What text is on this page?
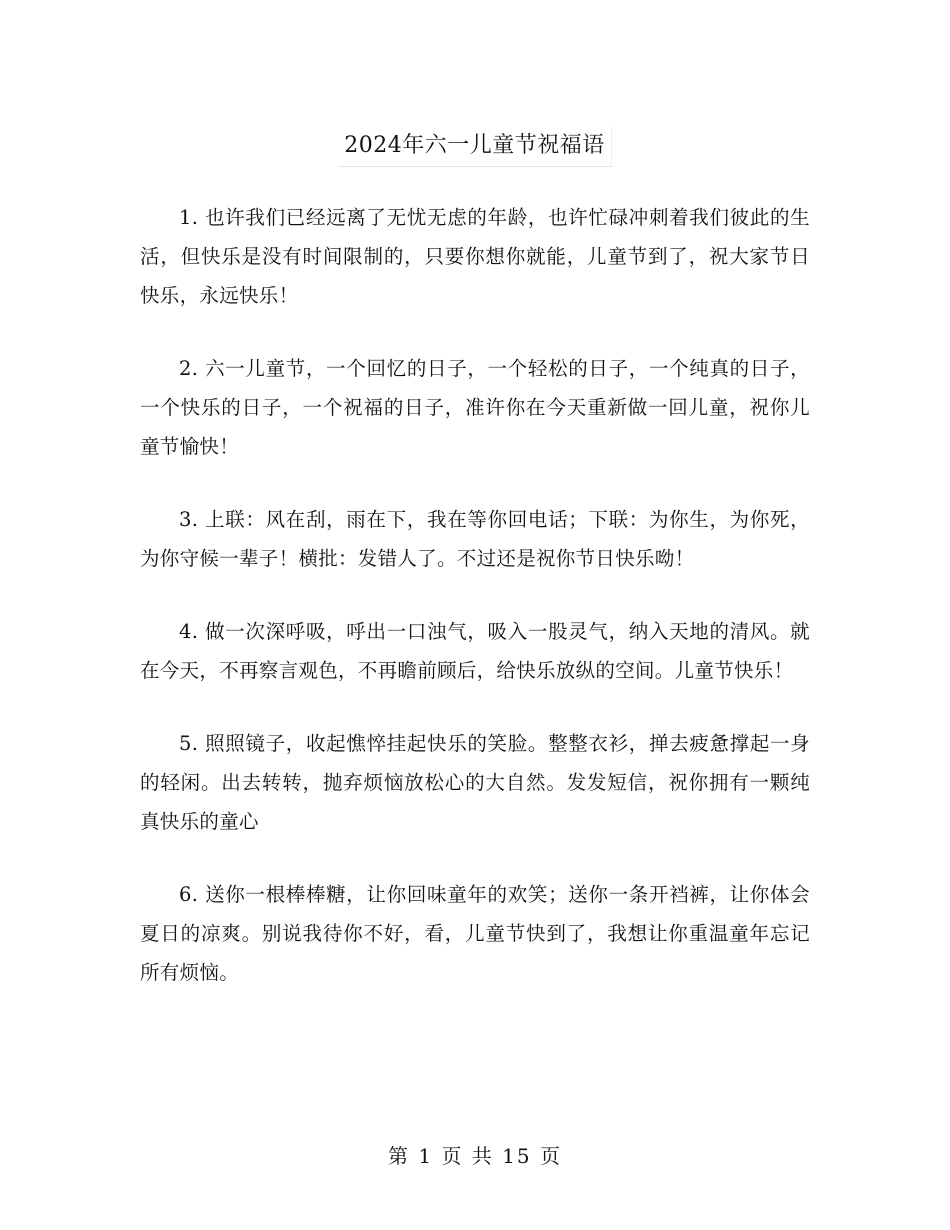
2024年六一儿童节祝福语

1. 也许我们已经远离了无忧无虑的年龄，也许忙碌冲刺着我们彼此的生活，但快乐是没有时间限制的，只要你想你就能，儿童节到了，祝大家节日快乐，永远快乐！

2. 六一儿童节，一个回忆的日子，一个轻松的日子，一个纯真的日子，一个快乐的日子，一个祝福的日子，准许你在今天重新做一回儿童，祝你儿童节愉快！

3. 上联：风在刮，雨在下，我在等你回电话；下联：为你生，为你死，为你守候一辈子！横批：发错人了。不过还是祝你节日快乐呦！

4. 做一次深呼吸，呼出一口浊气，吸入一股灵气，纳入天地的清风。就在今天，不再察言观色，不再瞻前顾后，给快乐放纵的空间。儿童节快乐！

5. 照照镜子，收起憔悴挂起快乐的笑脸。整整衣衫，掸去疲惫撑起一身的轻闲。出去转转，抛弃烦恼放松心的大自然。发发短信，祝你拥有一颗纯真快乐的童心

6. 送你一根棒棒糖，让你回味童年的欢笑；送你一条开裆裤，让你体会夏日的凉爽。别说我待你不好，看，儿童节快到了，我想让你重温童年忘记所有烦恼。

第 1 页 共 15 页
